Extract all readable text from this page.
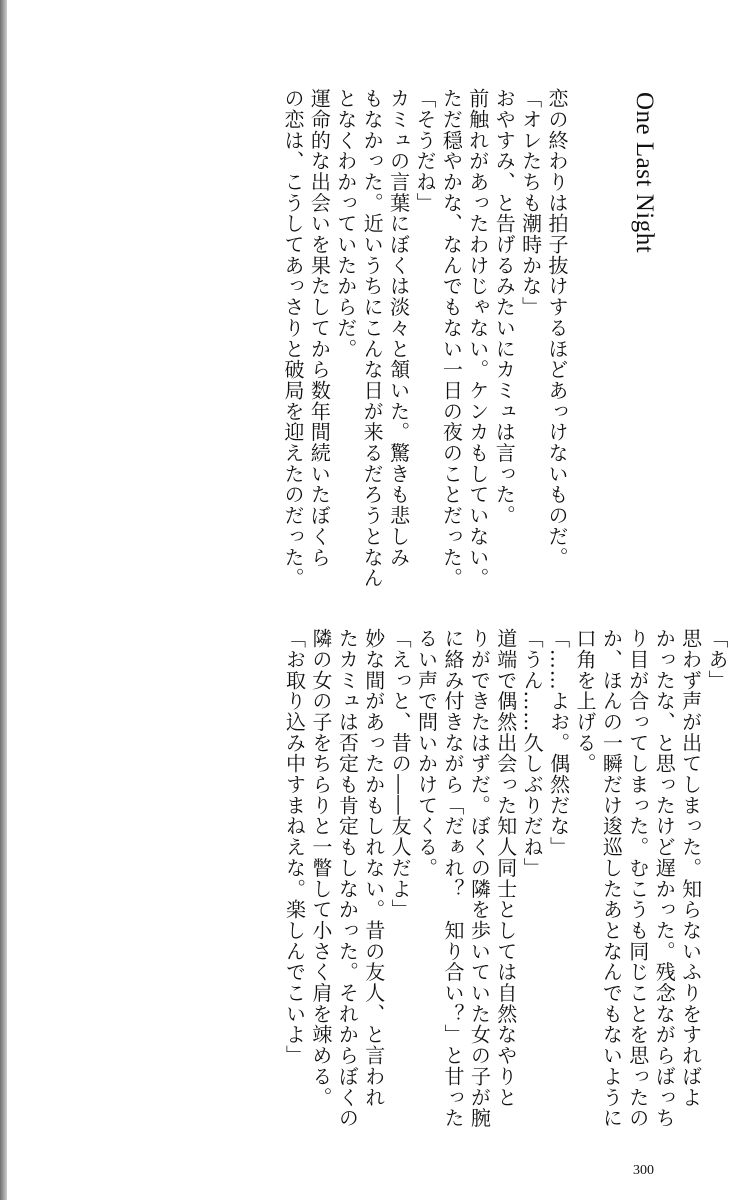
One Last Night
恋の終わりは拍子抜けするほどあっけないものだ。
「オレたちも潮時かな」
おやすみ、と告げるみたいにカミュは言った。
前触れがあったわけじゃない。ケンカもしていない。
ただ穏やかな、なんでもない一日の夜のことだった。
「そうだね」
カミュの言葉にぼくは淡々と頷いた。驚きも悲しみ
もなかった。近いうちにこんな日が来るだろうとなん
となくわかっていたからだ。
運命的な出会いを果たしてから数年間続いたぼくら
の恋は、こうしてあっさりと破局を迎えたのだった。
「あ」
思わず声が出てしまった。知らないふりをすればよ
かったな、と思ったけど遅かった。残念ながらばっち
り目が合ってしまった。むこうも同じことを思ったの
か、ほんの一瞬だけ逡巡したあとなんでもないように
口角を上げる。
「……よお。偶然だな」
「うん……久しぶりだね」
道端で偶然出会った知人同士としては自然なやりと
りができたはずだ。ぼくの隣を歩いていた女の子が腕
に絡み付きながら「だぁれ？　知り合い？」と甘った
るい声で問いかけてくる。
「えっと、昔の――友人だよ」
妙な間があったかもしれない。昔の友人、と言われ
たカミュは否定も肯定もしなかった。それからぼくの
隣の女の子をちらりと一瞥して小さく肩を竦める。
「お取り込み中すまねえな。楽しんでこいよ」
300
